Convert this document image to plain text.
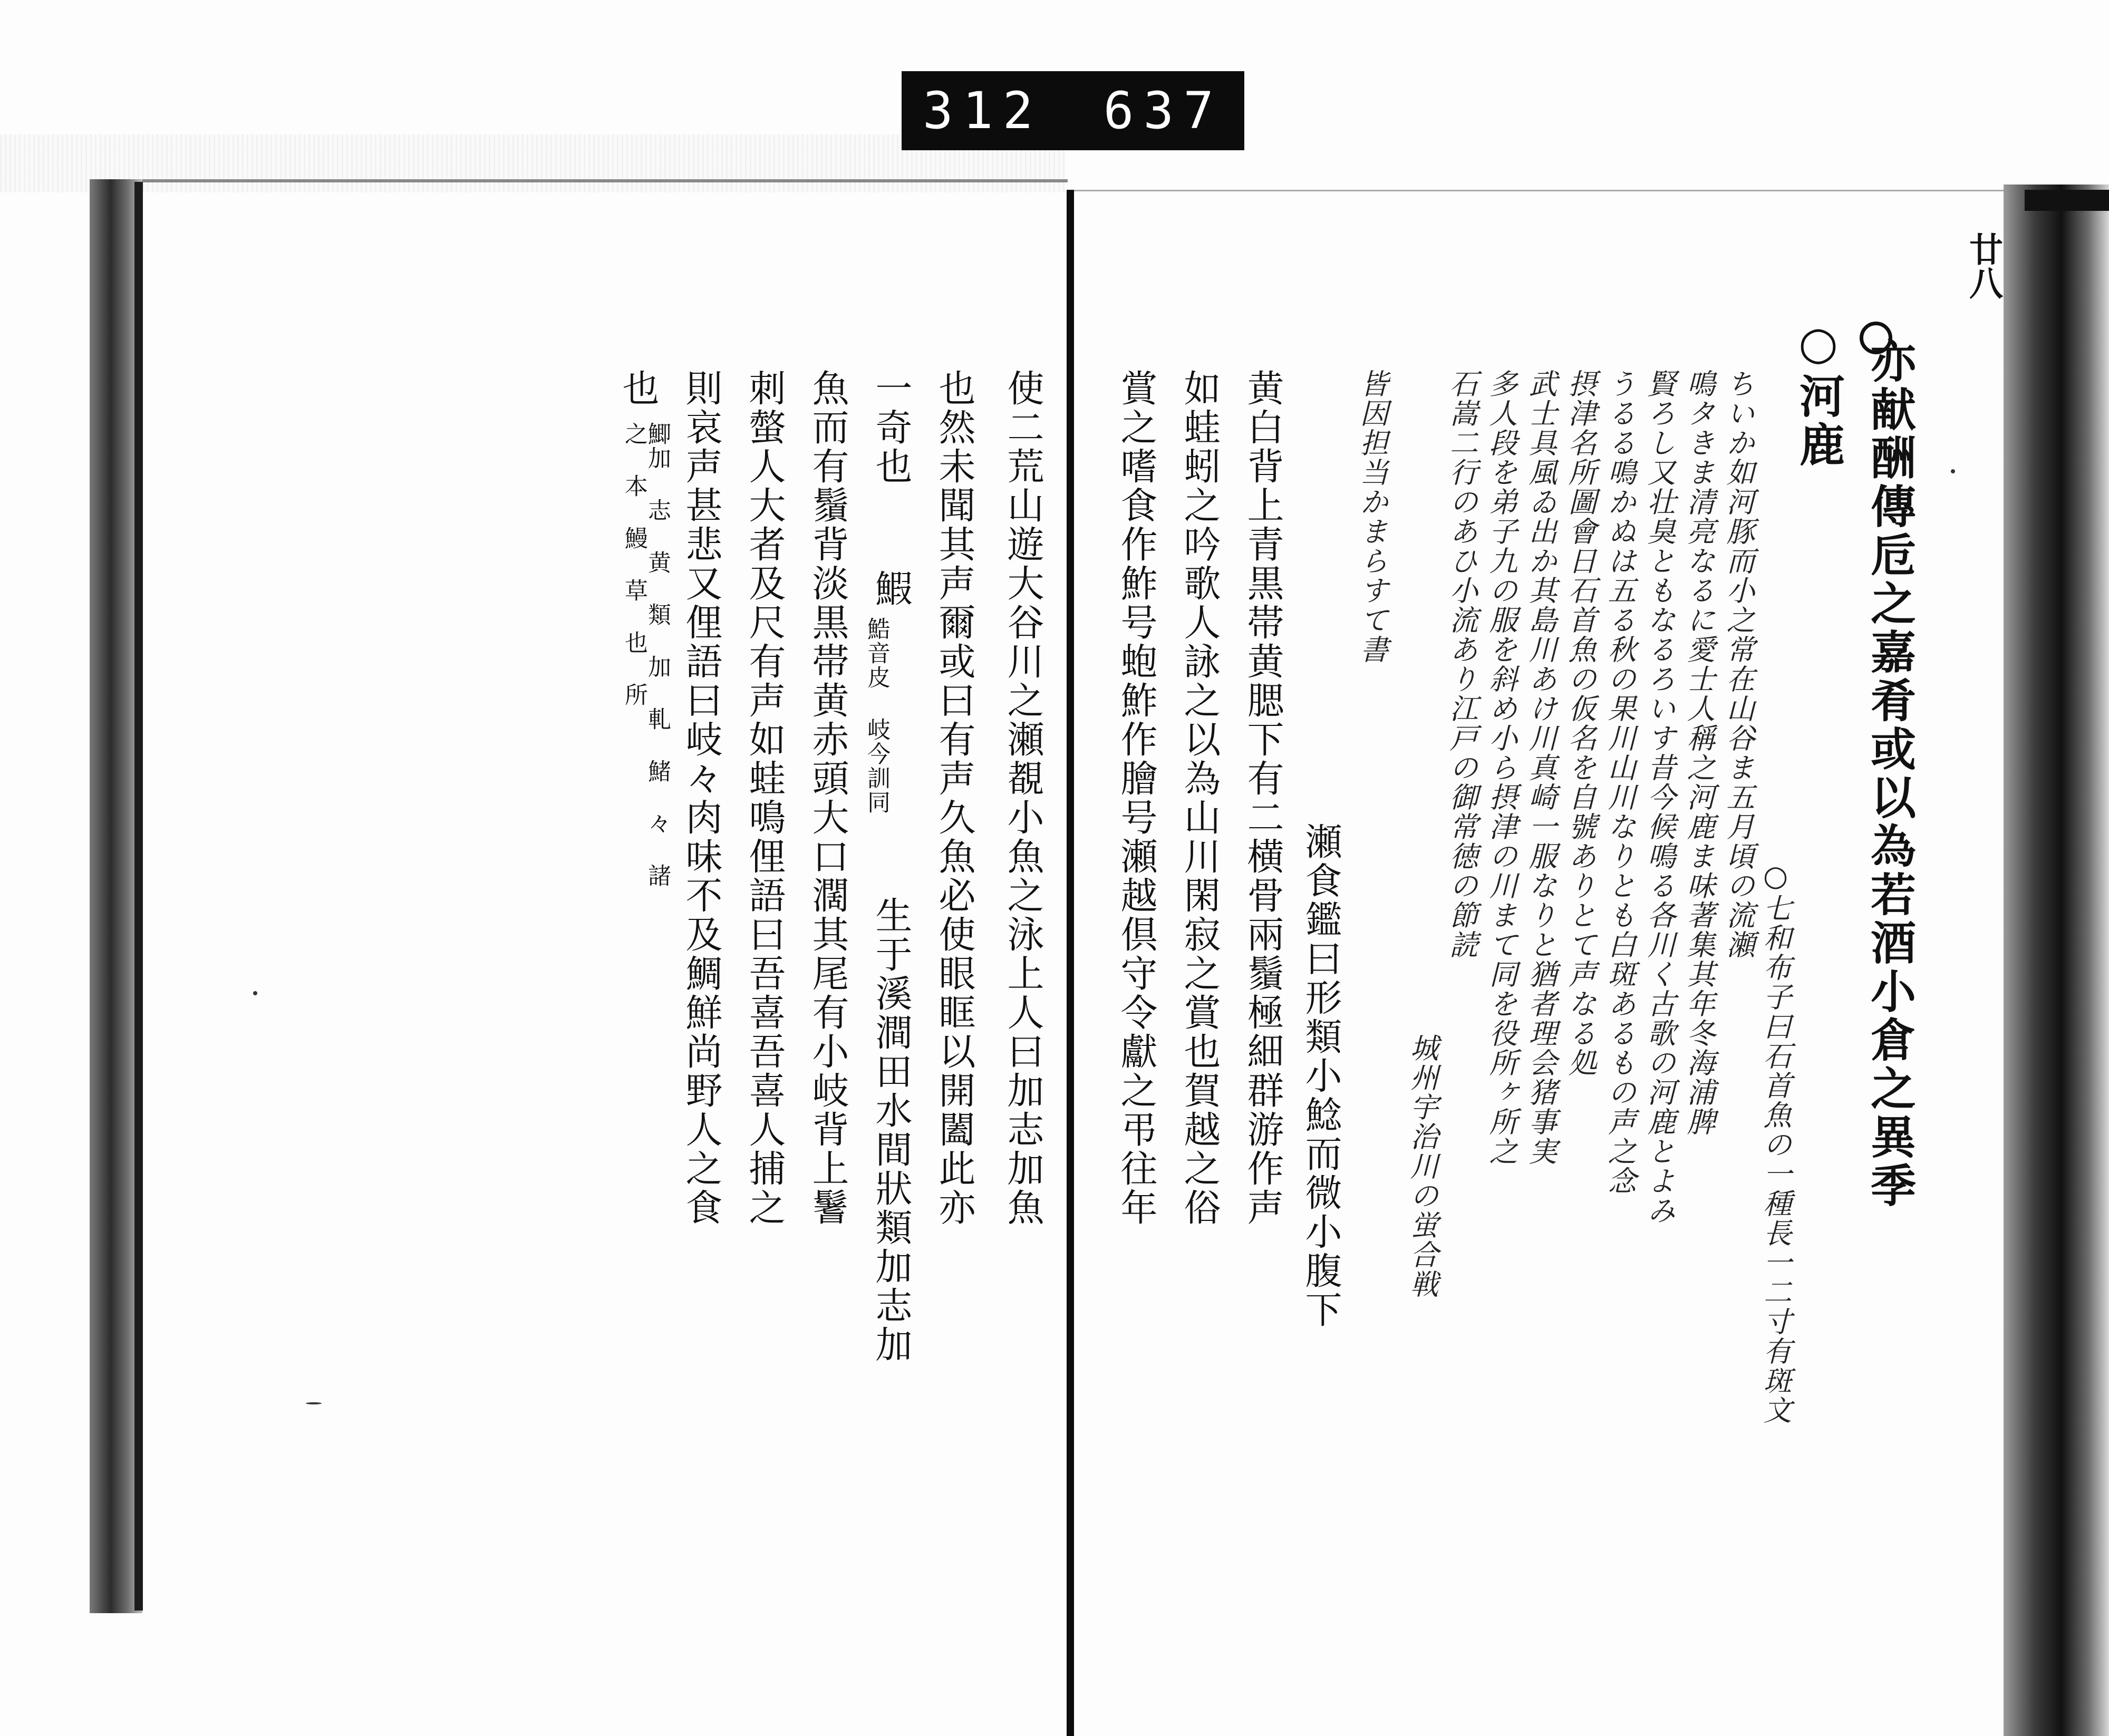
312 637
廿八
亦献酬傳卮之嘉肴或以為若酒小倉之異季
○河鹿
○七和布子曰石首魚の一種長一二寸有斑文
ちいか如河豚而小之常在山谷ま五月頃の流瀬
鳴タきま清亮なるに愛士人稱之河鹿ま味著集其年冬海浦脾
賢ろし又壮臭ともなるろいす昔今候鳴る各川く古歌の河鹿とよみ
うるる鳴かぬは五る秋の果川山川なりとも白斑あるもの声之念
摂津名所圖會日石首魚の仮名を自號ありとて声なる処
武士具風ゐ出か其島川あけ川真崎一服なりと猶者理会猪事実
多人段を弟子九の服を斜め小ら摂津の川まて同を役所ヶ所之
石嵩二行のあひ小流あり江戸の御常徳の節読
城州宇治川の蛍合戦
皆因担当かまらすて書
瀬食鑑曰形類小鯰而微小腹下
黄白背上青黒帯黄腮下有二横骨兩鬚極細群游作声
如蛙蚓之吟歌人詠之以為山川閑寂之賞也賀越之俗
賞之嗜食作鮓号蚫鮓作膾号瀬越倶守令獻之弔往年
使二荒山遊大谷川之瀬覩小魚之泳上人曰加志加魚
也然未聞其声爾或曰有声久魚必使眼眶以開闔此亦
一奇也
鰕
鯌音皮 岐今訓同
生于溪澗田水間狀類加志加
魚而有鬚背淡黒帯黄赤頭大口濶其尾有小岐背上鬐
刺螫人大者及尺有声如蛙鳴俚語曰吾喜吾喜人捕之
則哀声甚悲又俚語曰岐々肉味不及鯛鮮尚野人之食
也
鯽加 志 黄 類 加 軋 鯺 々 諸 之 本 鰻 草 也 所
